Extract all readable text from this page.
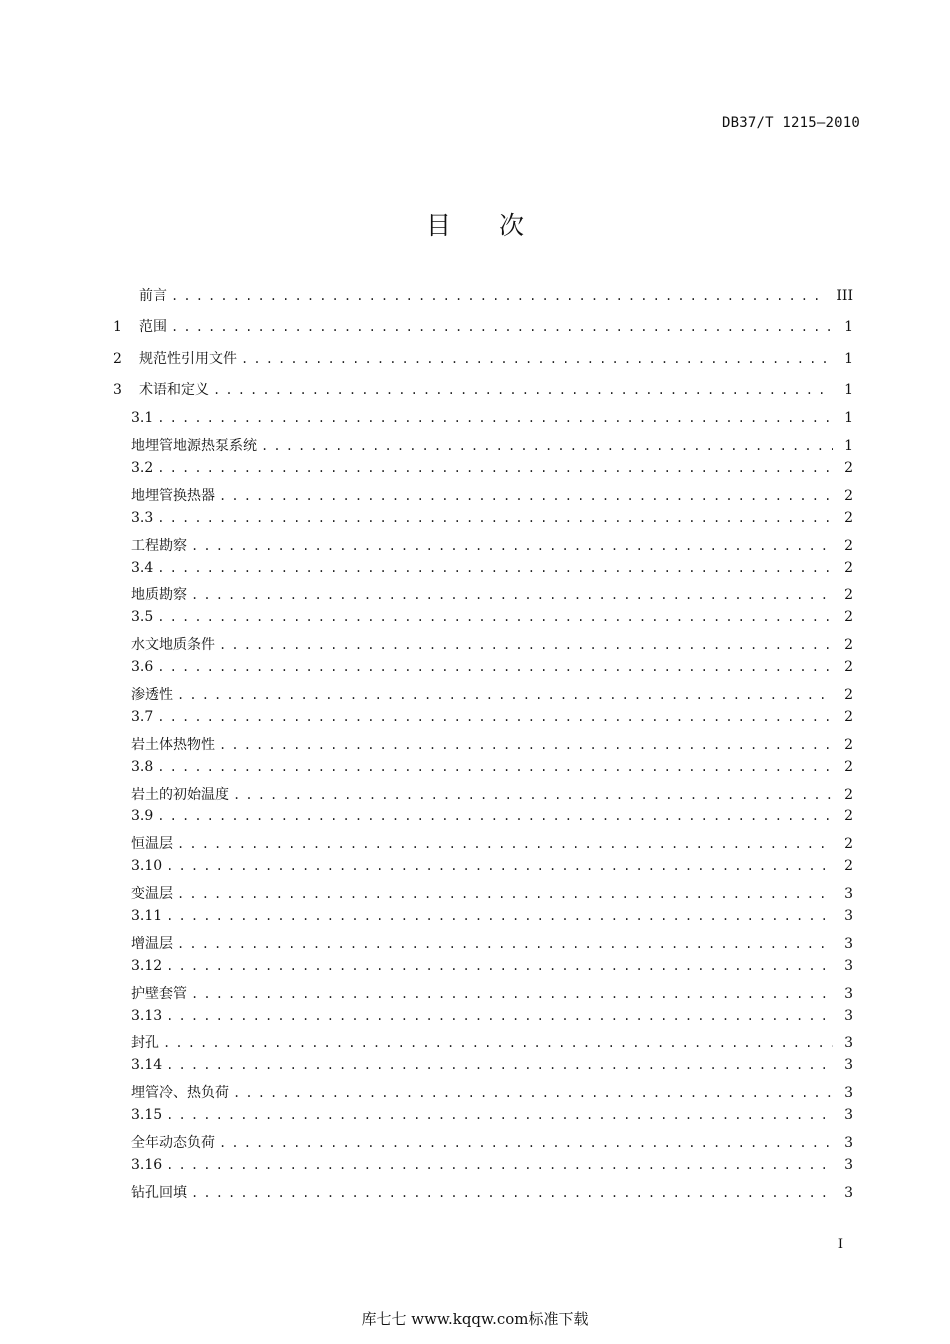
DB37/T 1215—2010
目 次
前言 . . .	III
1	范围 . . .	1
2	规范性引用文件 . . .	1
3	术语和定义 . . .	1
3.1 . . .	1
地埋管地源热泵系统 . . .	1
3.2 . . .	2
地埋管换热器 . . .	2
3.3 . . .	2
工程勘察 . . .	2
3.4 . . .	2
地质勘察 . . .	2
3.5 . . .	2
水文地质条件 . . .	2
3.6 . . .	2
渗透性 . . .	2
3.7 . . .	2
岩土体热物性 . . .	2
3.8 . . .	2
岩土的初始温度 . . .	2
3.9 . . .	2
恒温层 . . .	2
3.10 . . .	2
变温层 . . .	3
3.11 . . .	3
增温层 . . .	3
3.12 . . .	3
护壁套管 . . .	3
3.13 . . .	3
封孔 . . .	3
3.14 . . .	3
埋管冷、热负荷 . . .	3
3.15 . . .	3
全年动态负荷 . . .	3
3.16 . . .	3
钻孔回填 . . .	3
I
库七七 www.kqqw.com标准下载
